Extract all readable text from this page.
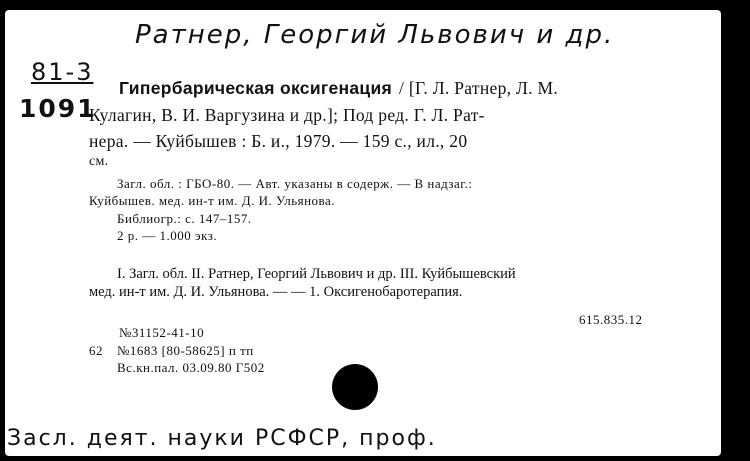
Ратнер, Георгий Львович и др.
81-3
1091
Гипербарическая оксигенация / [Г. Л. Ратнер, Л. М.
Кулагин, В. И. Варгузина и др.]; Под ред. Г. Л. Рат-
нера. — Куйбышев : Б. и., 1979. — 159 с., ил., 20
см.
Загл. обл. : ГБО-80. — Авт. указаны в содерж. — В надзаг.:
Куйбышев. мед. ин-т им. Д. И. Ульянова.
Библиогр.: с. 147–157.
2 р. — 1.000 экз.
I. Загл. обл. II. Ратнер, Георгий Львович и др. III. Куйбышевский
мед. ин-т им. Д. И. Ульянова. — — 1. Оксигенобаротерапия.
615.835.12
№31152-41-10
62 №1683 [80-58625] п тп
Вс.кн.пал. 03.09.80 Г502
Засл. деят. науки РСФСР, проф.
